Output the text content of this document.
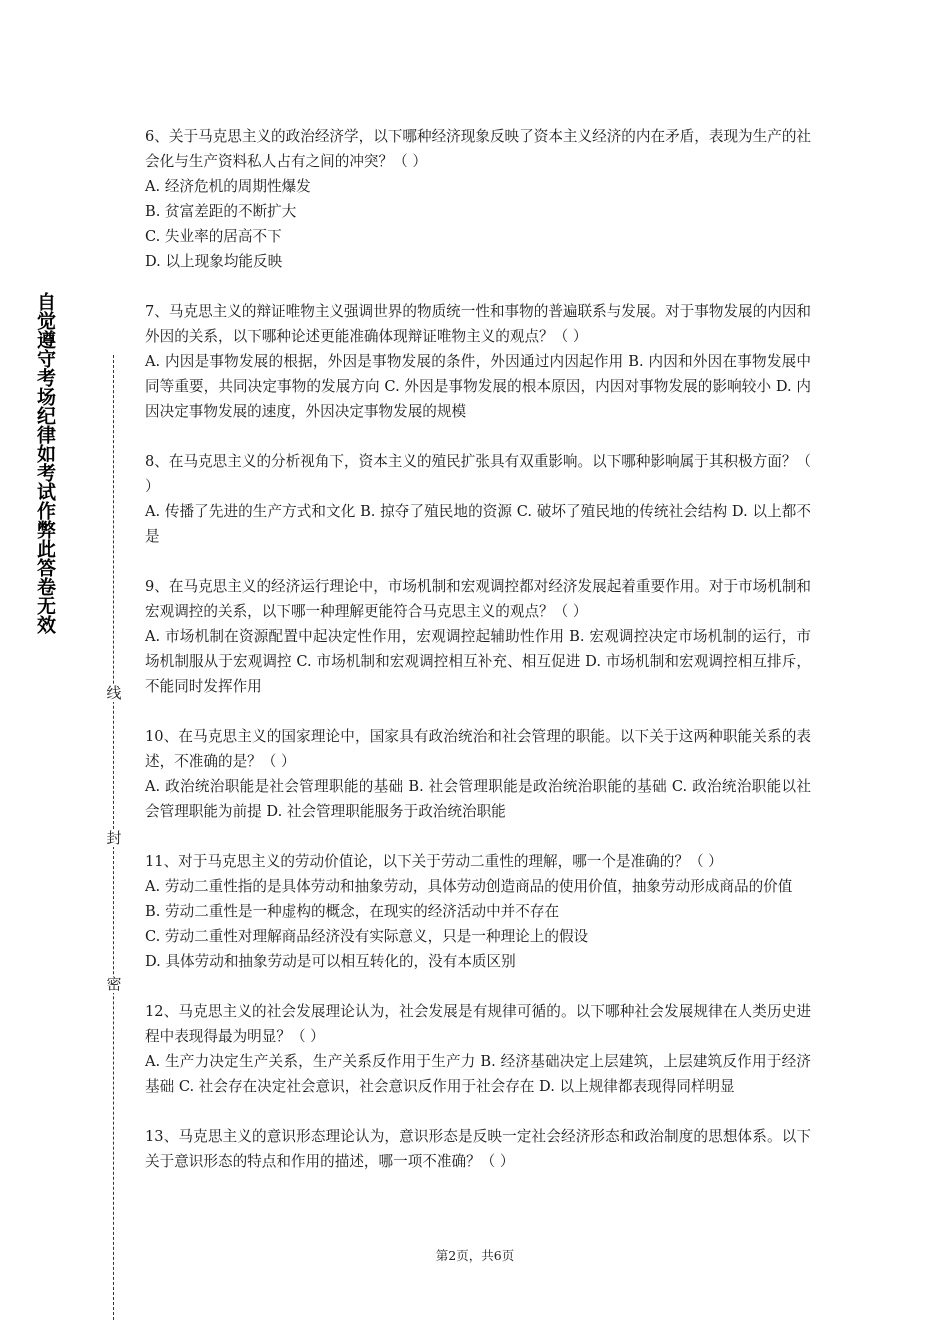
自觉遵守考场纪律如考试作弊此答卷无效
线
封
密

6、关于马克思主义的政治经济学，以下哪种经济现象反映了资本主义经济的内在矛盾，表现为生产的社会化与生产资料私人占有之间的冲突？（ ）

A. 经济危机的周期性爆发

B. 贫富差距的不断扩大

C. 失业率的居高不下

D. 以上现象均能反映

7、马克思主义的辩证唯物主义强调世界的物质统一性和事物的普遍联系与发展。对于事物发展的内因和外因的关系，以下哪种论述更能准确体现辩证唯物主义的观点？（ ）

A. 内因是事物发展的根据，外因是事物发展的条件，外因通过内因起作用 B. 内因和外因在事物发展中同等重要，共同决定事物的发展方向 C. 外因是事物发展的根本原因，内因对事物发展的影响较小 D. 内因决定事物发展的速度，外因决定事物发展的规模

8、在马克思主义的分析视角下，资本主义的殖民扩张具有双重影响。以下哪种影响属于其积极方面？（ ）

A. 传播了先进的生产方式和文化 B. 掠夺了殖民地的资源 C. 破坏了殖民地的传统社会结构 D. 以上都不是

9、在马克思主义的经济运行理论中，市场机制和宏观调控都对经济发展起着重要作用。对于市场机制和宏观调控的关系，以下哪一种理解更能符合马克思主义的观点？（ ）

A. 市场机制在资源配置中起决定性作用，宏观调控起辅助性作用 B. 宏观调控决定市场机制的运行，市场机制服从于宏观调控 C. 市场机制和宏观调控相互补充、相互促进 D. 市场机制和宏观调控相互排斥，不能同时发挥作用

10、在马克思主义的国家理论中，国家具有政治统治和社会管理的职能。以下关于这两种职能关系的表述，不准确的是？（ ）

A. 政治统治职能是社会管理职能的基础 B. 社会管理职能是政治统治职能的基础 C. 政治统治职能以社会管理职能为前提 D. 社会管理职能服务于政治统治职能

11、对于马克思主义的劳动价值论，以下关于劳动二重性的理解，哪一个是准确的？（ ）

A. 劳动二重性指的是具体劳动和抽象劳动，具体劳动创造商品的使用价值，抽象劳动形成商品的价值

B. 劳动二重性是一种虚构的概念，在现实的经济活动中并不存在

C. 劳动二重性对理解商品经济没有实际意义，只是一种理论上的假设

D. 具体劳动和抽象劳动是可以相互转化的，没有本质区别

12、马克思主义的社会发展理论认为，社会发展是有规律可循的。以下哪种社会发展规律在人类历史进程中表现得最为明显？（ ）

A. 生产力决定生产关系，生产关系反作用于生产力 B. 经济基础决定上层建筑，上层建筑反作用于经济基础 C. 社会存在决定社会意识，社会意识反作用于社会存在 D. 以上规律都表现得同样明显

13、马克思主义的意识形态理论认为，意识形态是反映一定社会经济形态和政治制度的思想体系。以下关于意识形态的特点和作用的描述，哪一项不准确？（ ）

第2页，共6页
